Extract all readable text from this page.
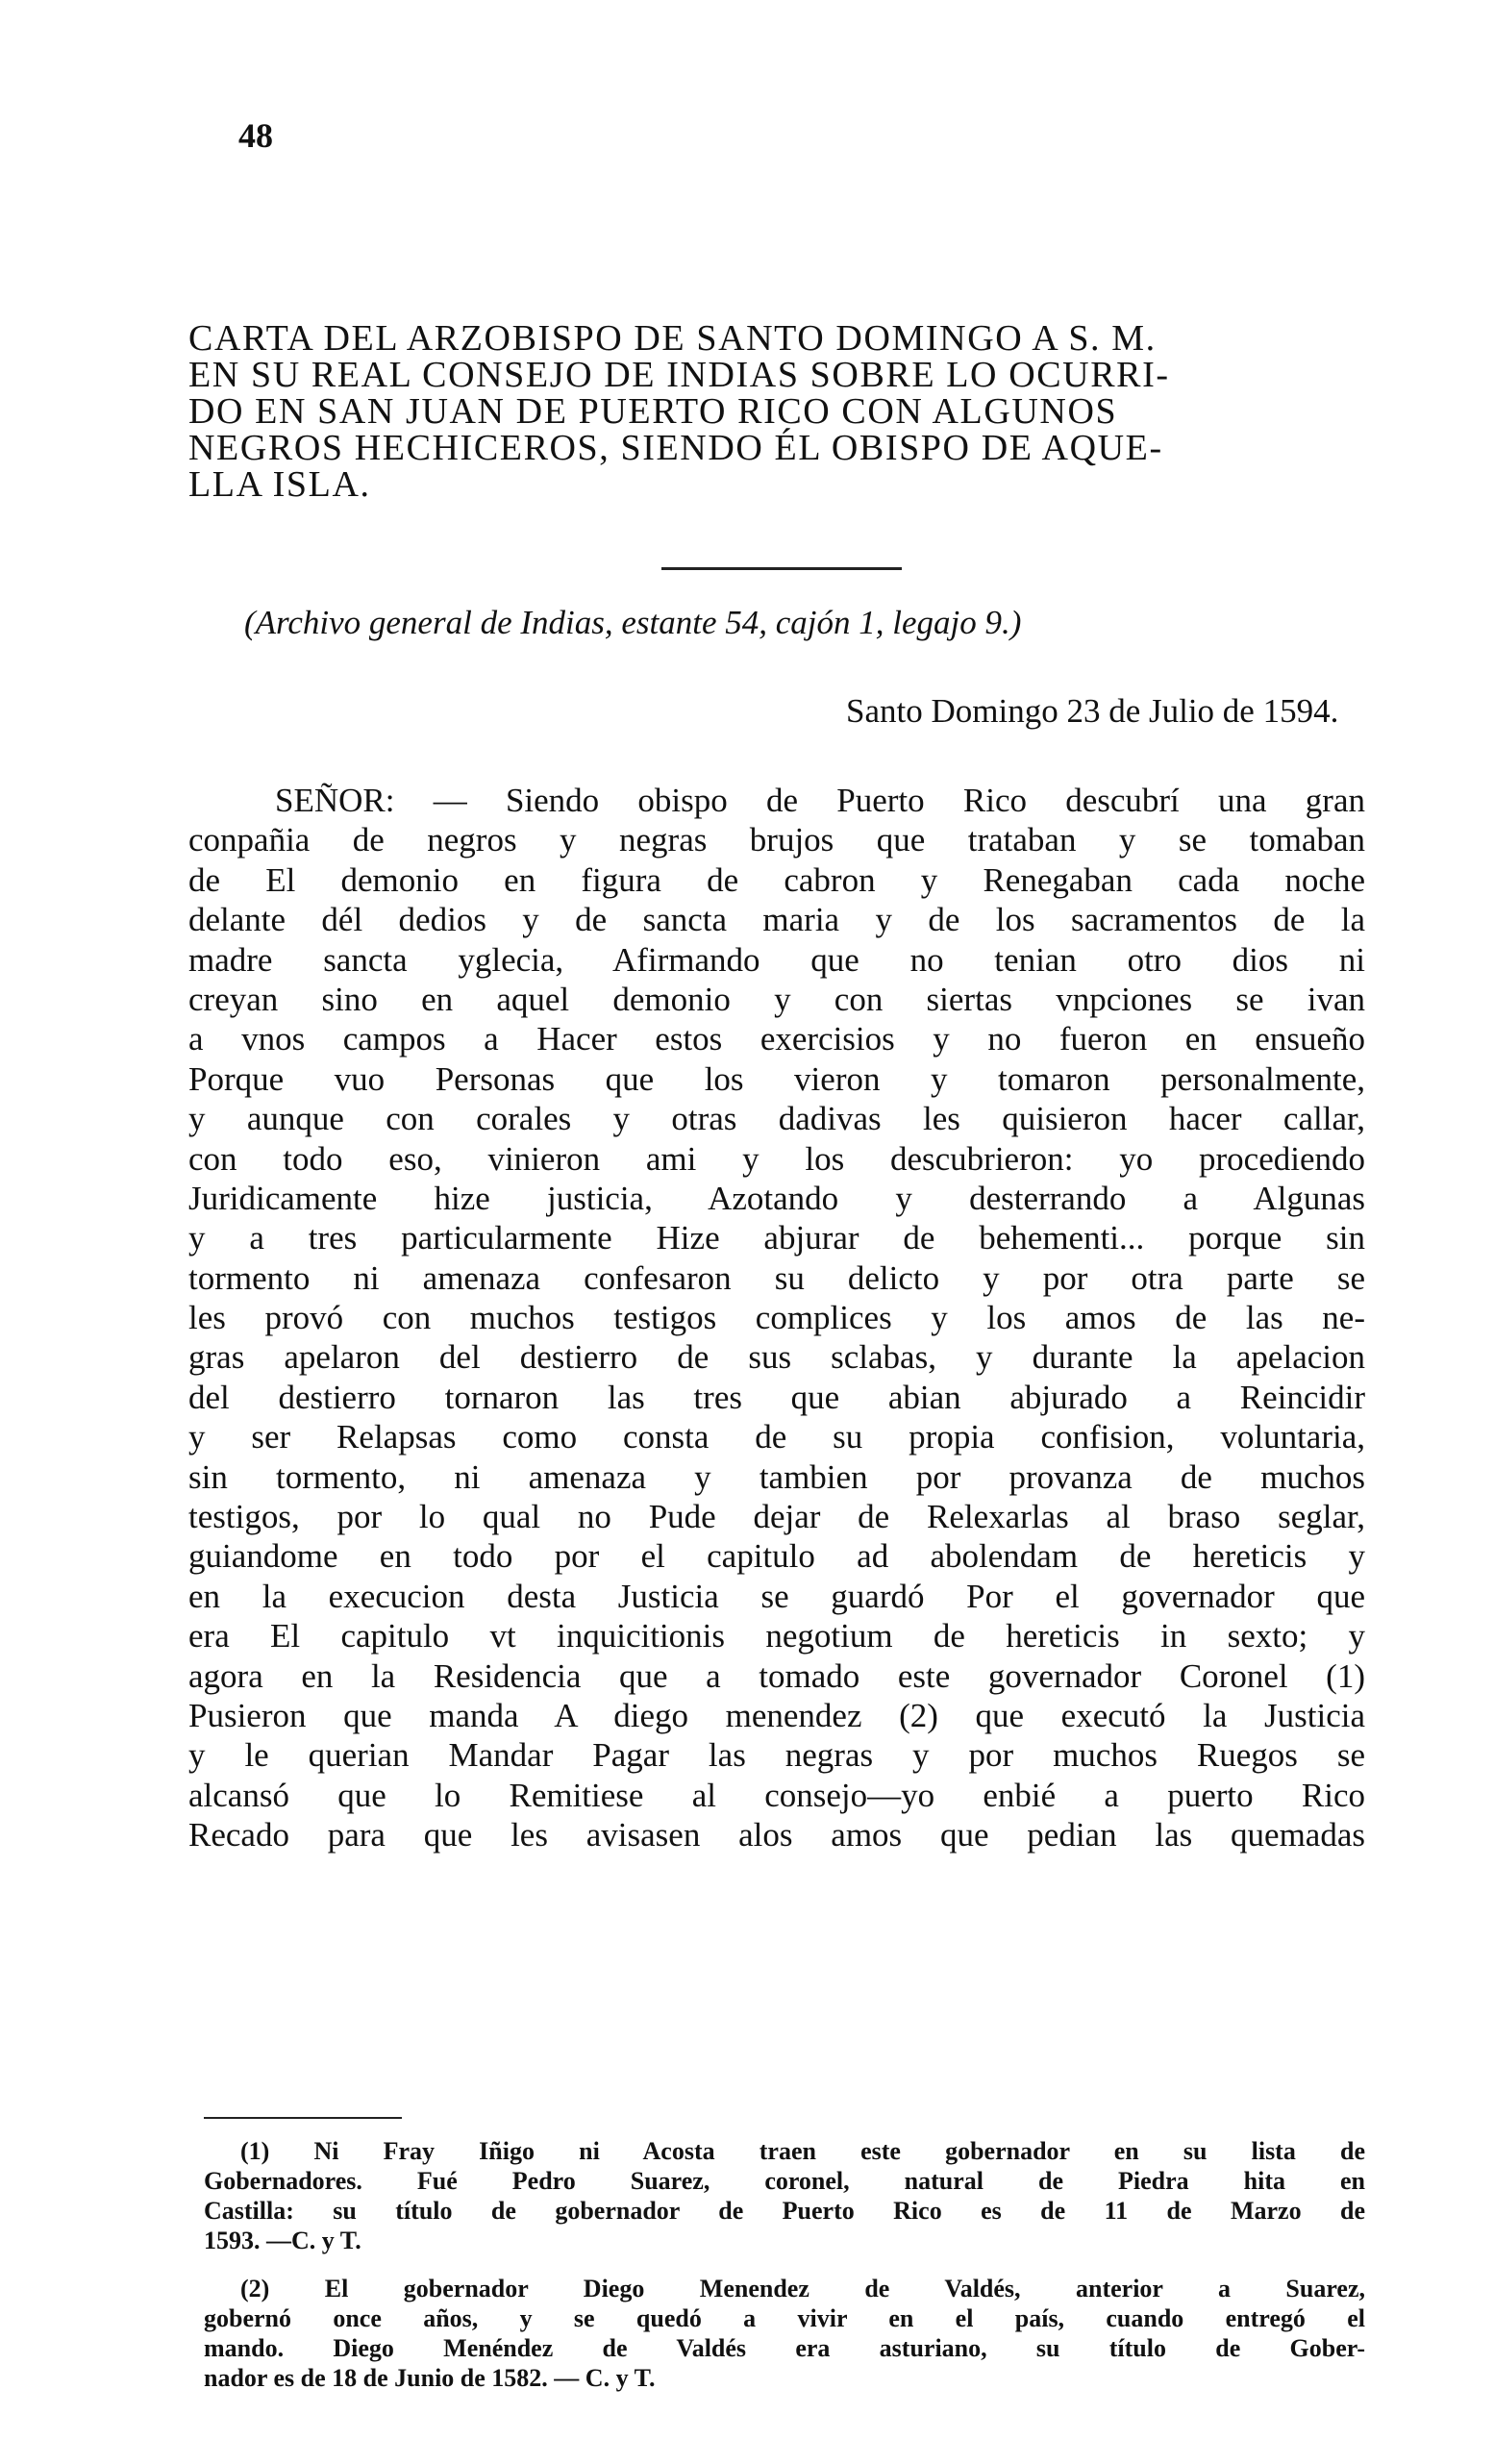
48
CARTA DEL ARZOBISPO DE SANTO DOMINGO A S. M.
EN SU REAL CONSEJO DE INDIAS SOBRE LO OCURRI-
DO EN SAN JUAN DE PUERTO RICO CON ALGUNOS
NEGROS HECHICEROS, SIENDO ÉL OBISPO DE AQUE-
LLA ISLA.
(Archivo general de Indias, estante 54, cajón 1, legajo 9.)
Santo Domingo 23 de Julio de 1594.
SEÑOR: — Siendo obispo de Puerto Rico descubrí una gran
conpañia de negros y negras brujos que trataban y se tomaban
de El demonio en figura de cabron y Renegaban cada noche
delante dél dedios y de sancta maria y de los sacramentos de la
madre sancta yglecia, Afirmando que no tenian otro dios ni
creyan sino en aquel demonio y con siertas vnpciones se ivan
a vnos campos a Hacer estos exercisios y no fueron en ensueño
Porque vuo Personas que los vieron y tomaron personalmente,
y aunque con corales y otras dadivas les quisieron hacer callar,
con todo eso, vinieron ami y los descubrieron: yo procediendo
Juridicamente hize justicia, Azotando y desterrando a Algunas
y a tres particularmente Hize abjurar de behementi... porque sin
tormento ni amenaza confesaron su delicto y por otra parte se
les provó con muchos testigos complices y los amos de las ne-
gras apelaron del destierro de sus sclabas, y durante la apelacion
del destierro tornaron las tres que abian abjurado a Reincidir
y ser Relapsas como consta de su propia confision, voluntaria,
sin tormento, ni amenaza y tambien por provanza de muchos
testigos, por lo qual no Pude dejar de Relexarlas al braso seglar,
guiandome en todo por el capitulo ad abolendam de hereticis y
en la execucion desta Justicia se guardó Por el governador que
era El capitulo vt inquicitionis negotium de hereticis in sexto; y
agora en la Residencia que a tomado este governador Coronel (1)
Pusieron que manda A diego menendez (2) que executó la Justicia
y le querian Mandar Pagar las negras y por muchos Ruegos se
alcansó que lo Remitiese al consejo—yo enbié a puerto Rico
Recado para que les avisasen alos amos que pedian las quemadas
(1) Ni Fray Iñigo ni Acosta traen este gobernador en su lista de
Gobernadores. Fué Pedro Suarez, coronel, natural de Piedra hita en
Castilla: su título de gobernador de Puerto Rico es de 11 de Marzo de
1593. —C. y T.
(2) El gobernador Diego Menendez de Valdés, anterior a Suarez,
gobernó once años, y se quedó a vivir en el país, cuando entregó el
mando. Diego Menéndez de Valdés era asturiano, su título de Gober-
nador es de 18 de Junio de 1582. — C. y T.
